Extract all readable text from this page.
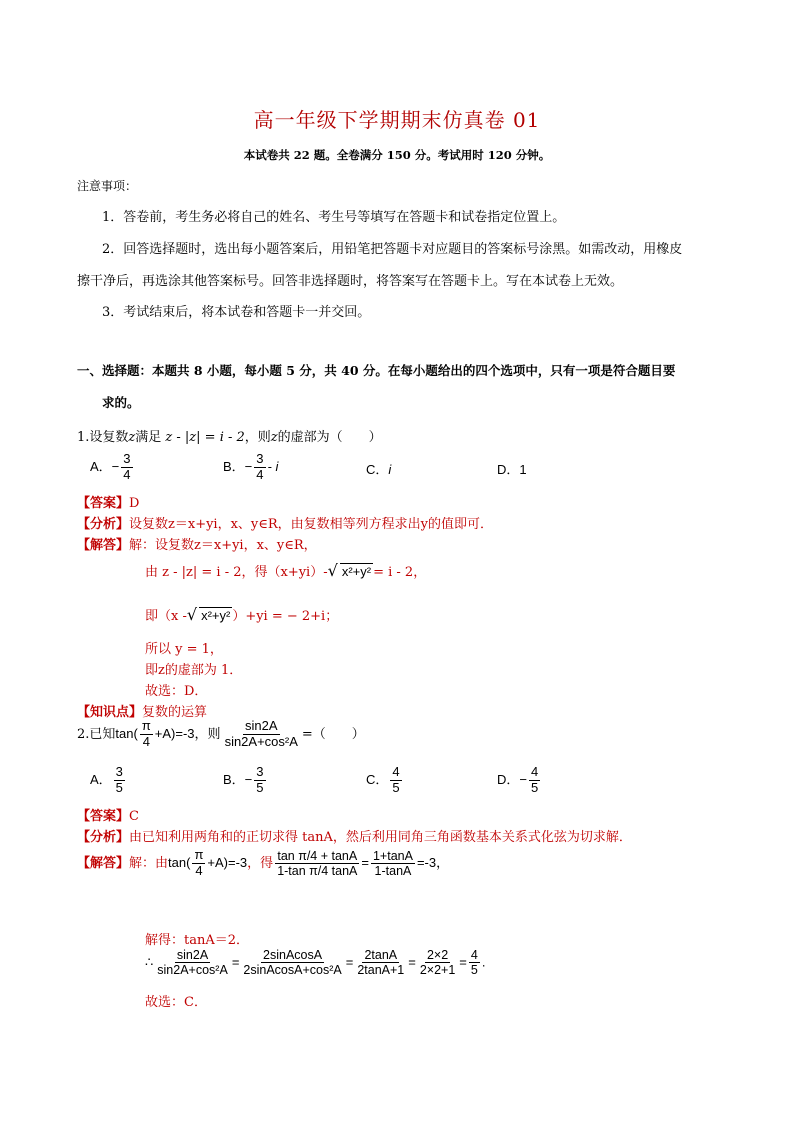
高一年级下学期期末仿真卷 01
本试卷共 22 题。全卷满分 150 分。考试用时 120 分钟。
注意事项：
1．答卷前，考生务必将自己的姓名、考生号等填写在答题卡和试卷指定位置上。
2．回答选择题时，选出每小题答案后，用铅笔把答题卡对应题目的答案标号涂黑。如需改动，用橡皮
擦干净后，再选涂其他答案标号。回答非选择题时，将答案写在答题卡上。写在本试卷上无效。
3．考试结束后，将本试卷和答题卡一并交回。
一、选择题：本题共 8 小题，每小题 5 分，共 40 分。在每小题给出的四个选项中，只有一项是符合题目要
求的。
1.设复数z满足 z - |z| = i - 2，则z的虚部为（　　）
A．− $\frac{3}{4}$	B．− $\frac{3}{4}$ - i	C．i	D．1
【答案】D
【分析】设复数z＝x+yi，x、y∈R，由复数相等列方程求出y的值即可．
【解答】解：设复数z＝x+yi，x、y∈R，
由 z - |z| = i - 2，得（x+yi）-√ x²+y² = i - 2，
即（x -√ x²+y² ）+yi = − 2+i；
所以 y = 1，
即z的虚部为 1．
故选：D．
【知识点】复数的运算
2.已知$\tan( \frac{\pi}{4} +A)=-3$，则 $\frac{\sin 2A}{\text{sin2A+cos²A}}$ =（　　）
A． $\frac{3}{5}$	B．− $\frac{3}{5}$	C． $\frac{4}{5}$	D．− $\frac{4}{5}$
【答案】C
【分析】由已知利用两角和的正切求得 tanA，然后利用同角三角函数基本关系式化弦为切求解．
【解答】解：由$\tan( \frac{\pi}{4} +A)=-3$，得 $\frac{\text{tan π/4 + tanA}}{\text{1-tan π/4 tanA}} = \frac{1+\tan A}{1-\tan A} =-3$，
解得：tanA＝2．
∴ $\frac{\sin 2A}{\text{sin2A+cos²A}} = \frac{\text{2sinAcosA}}{\text{2sinAcosA+cos²A}} = \frac{2\tan A}{2\tan A+1} = \frac{2\times 2}{2\times 2+1} = \frac{4}{5}$ .
故选：C．
